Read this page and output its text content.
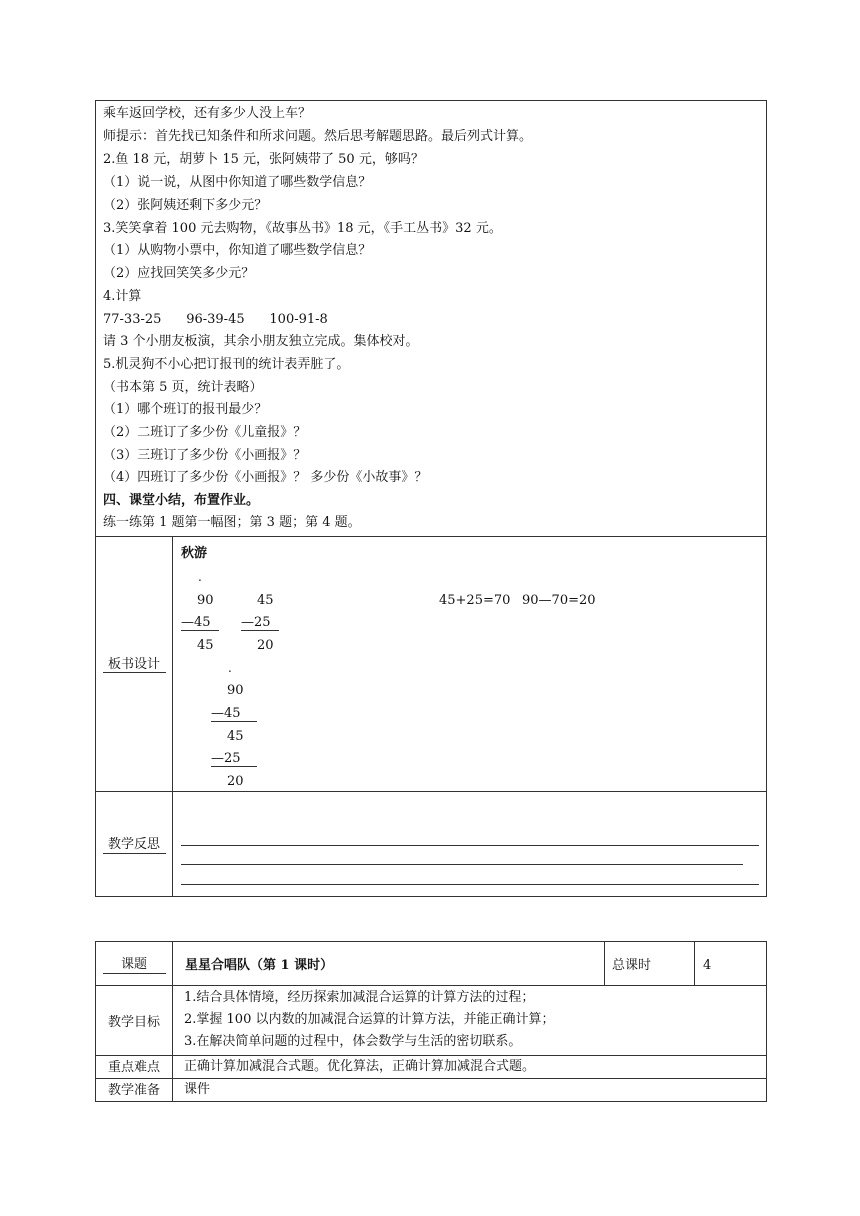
乘车返回学校，还有多少人没上车？
师提示：首先找已知条件和所求问题。然后思考解题思路。最后列式计算。
2.鱼 18 元，胡萝卜 15 元，张阿姨带了 50 元，够吗？
（1）说一说，从图中你知道了哪些数学信息？
（2）张阿姨还剩下多少元？
3.笑笑拿着 100 元去购物，《故事丛书》18 元，《手工丛书》32 元。
（1）从购物小票中，你知道了哪些数学信息？
（2）应找回笑笑多少元？
4.计算
77-33-25      96-39-45      100-91-8
请 3 个小朋友板演，其余小朋友独立完成。集体校对。
5.机灵狗不小心把订报刊的统计表弄脏了。
（书本第 5 页，统计表略）
（1）哪个班订的报刊最少？
（2）二班订了多少份《儿童报》？
（3）三班订了多少份《小画报》？
（4）四班订了多少份《小画报》？ 多少份《小故事》？
四、课堂小结，布置作业。
练一练第 1 题第一幅图；第 3 题；第 4 题。
板书设计
秋游
.
90
—45
45
45
—25
20
45+25=70 90—70=20
.
90
—45
45
—25
20
教学反思
课题	星星合唱队（第 1 课时）	总课时	4
教学目标
1.结合具体情境，经历探索加减混合运算的计算方法的过程；
2.掌握 100 以内数的加减混合运算的计算方法，并能正确计算；
3.在解决简单问题的过程中，体会数学与生活的密切联系。
重点难点	正确计算加减混合式题。优化算法，正确计算加减混合式题。
教学准备	课件
